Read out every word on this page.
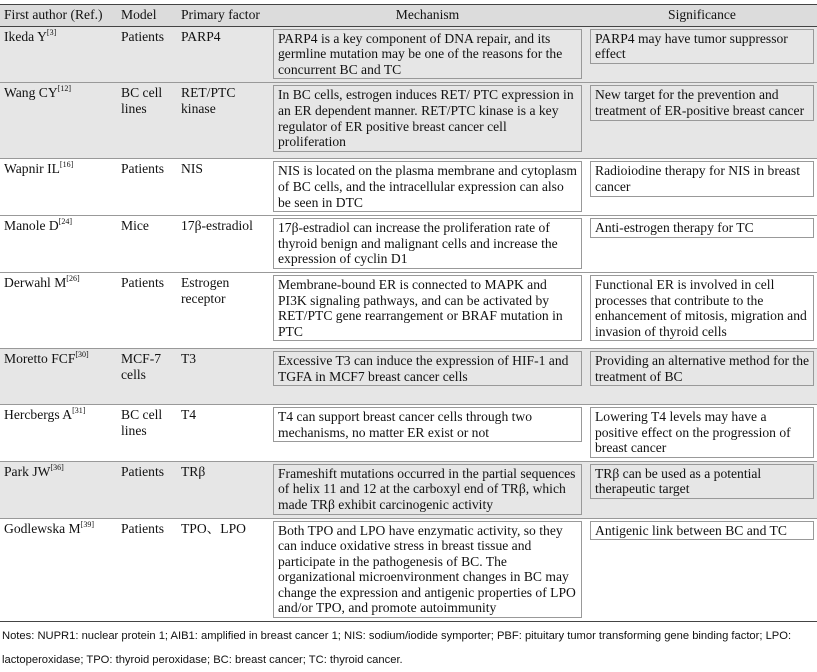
First author (Ref.)	Model	Primary factor	Mechanism	Significance
Ikeda Y[3]	Patients	PARP4	PARP4 is a key component of DNA repair, and its germline mutation may be one of the reasons for the concurrent BC and TC	PARP4 may have tumor suppressor effect

Wang CY[12]	BC cell lines	RET/PTC kinase	In BC cells, estrogen induces RET/ PTC expression in an ER dependent manner. RET/PTC kinase is a key regulator of ER positive breast cancer cell proliferation	New target for the prevention and treatment of ER-positive breast cancer

Wapnir IL[16]	Patients	NIS	NIS is located on the plasma membrane and cytoplasm of BC cells, and the intracellular expression can also be seen in DTC	Radioiodine therapy for NIS in breast cancer

Manole D[24]	Mice	17β-estradiol	17β-estradiol can increase the proliferation rate of thyroid benign and malignant cells and increase the expression of cyclin D1	Anti-estrogen therapy for TC

Derwahl M[26]	Patients	Estrogen receptor	Membrane-bound ER is connected to MAPK and PI3K signaling pathways, and can be activated by RET/PTC gene rearrangement or BRAF mutation in PTC	Functional ER is involved in cell processes that contribute to the enhancement of mitosis, migration and invasion of thyroid cells

Moretto FCF[30]	MCF-7 cells	T3	Excessive T3 can induce the expression of HIF-1 and TGFA in MCF7 breast cancer cells	Providing an alternative method for the treatment of BC

Hercbergs A[31]	BC cell lines	T4	T4 can support breast cancer cells through two mechanisms, no matter ER exist or not	Lowering T4 levels may have a positive effect on the progression of breast cancer

Park JW[36]	Patients	TRβ	Frameshift mutations occurred in the partial sequences of helix 11 and 12 at the carboxyl end of TRβ, which made TRβ exhibit carcinogenic activity	TRβ can be used as a potential therapeutic target

Godlewska M[39]	Patients	TPO、LPO	Both TPO and LPO have enzymatic activity, so they can induce oxidative stress in breast tissue and participate in the pathogenesis of BC. The organizational microenvironment changes in BC may change the expression and antigenic properties of LPO and/or TPO, and promote autoimmunity	Antigenic link between BC and TC
Notes: NUPR1: nuclear protein 1; AIB1: amplified in breast cancer 1; NIS: sodium/iodide symporter; PBF: pituitary tumor transforming gene binding factor; LPO: lactoperoxidase; TPO: thyroid peroxidase; BC: breast cancer; TC: thyroid cancer.
